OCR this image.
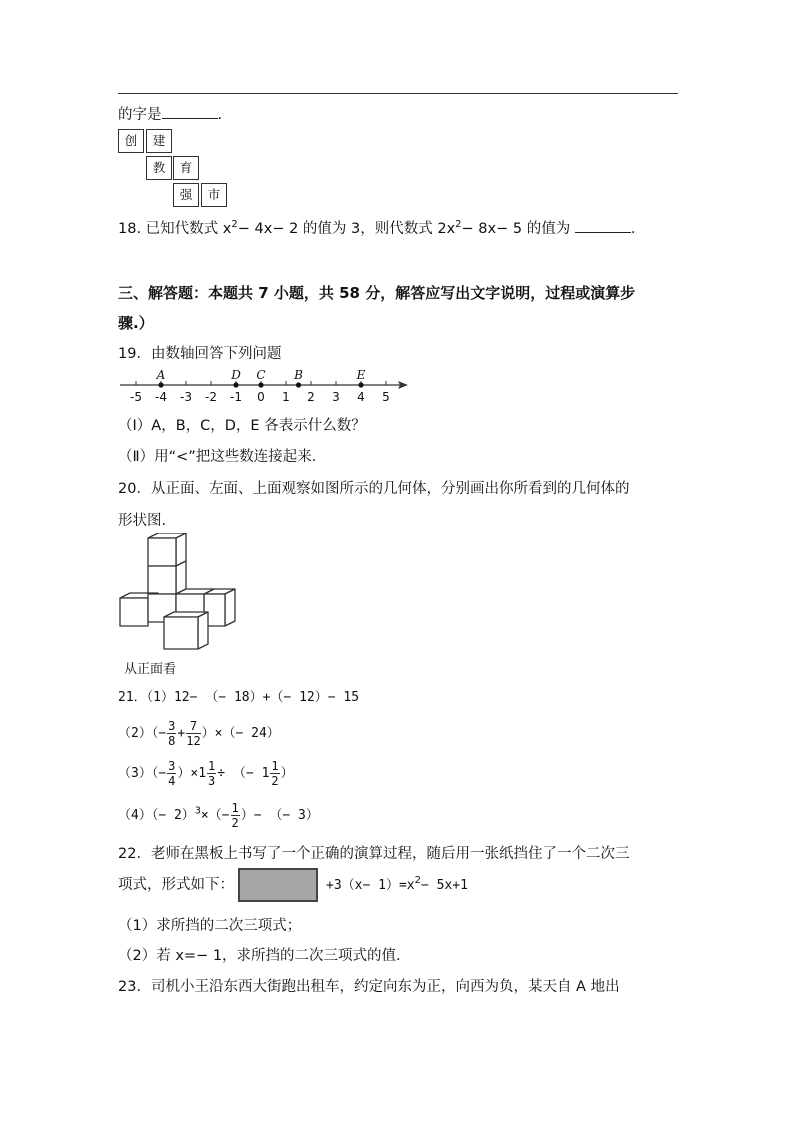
的字是	.
创	建
教	育
强	市
18. 已知代数式 $x^2- 4x- 2$ 的值为 3，则代数式 $2x^2- 8x- 5$ 的值为	.
三、解答题：本题共 7 小题，共 58 分，解答应写出文字说明，过程或演算步
骤.）
19．由数轴回答下列问题
-5 -4 -3 -2 -1 0 1 2 3 4 5
A	D C B	E
（Ⅰ）A，B，C，D，E 各表示什么数？
（Ⅱ）用“<”把这些数连接起来.
20．从正面、左面、上面观察如图所示的几何体，分别画出你所看到的几何体的
形状图.
从正面看
21．（1）12− （− 18）+（− 12）− 15
$(2)(- \frac{3}{8} + \frac{7}{12}$ ）×（− 24）
$(3)(- \frac{3}{4} )\times 1 \frac{1}{3}$ ÷ （− $1 \frac{1}{2}$ ）
$(4)(- 2)^3\times(- \frac{1}{2}$ ）− （− 3）
22．老师在黑板上书写了一个正确的演算过程，随后用一张纸挡住了一个二次三
项式，形式如下：	$+3(x- 1)=x^2- 5x+1$
（1）求所挡的二次三项式；
（2）若 x=− 1，求所挡的二次三项式的值.
23．司机小王沿东西大街跑出租车，约定向东为正，向西为负，某天自 A 地出
